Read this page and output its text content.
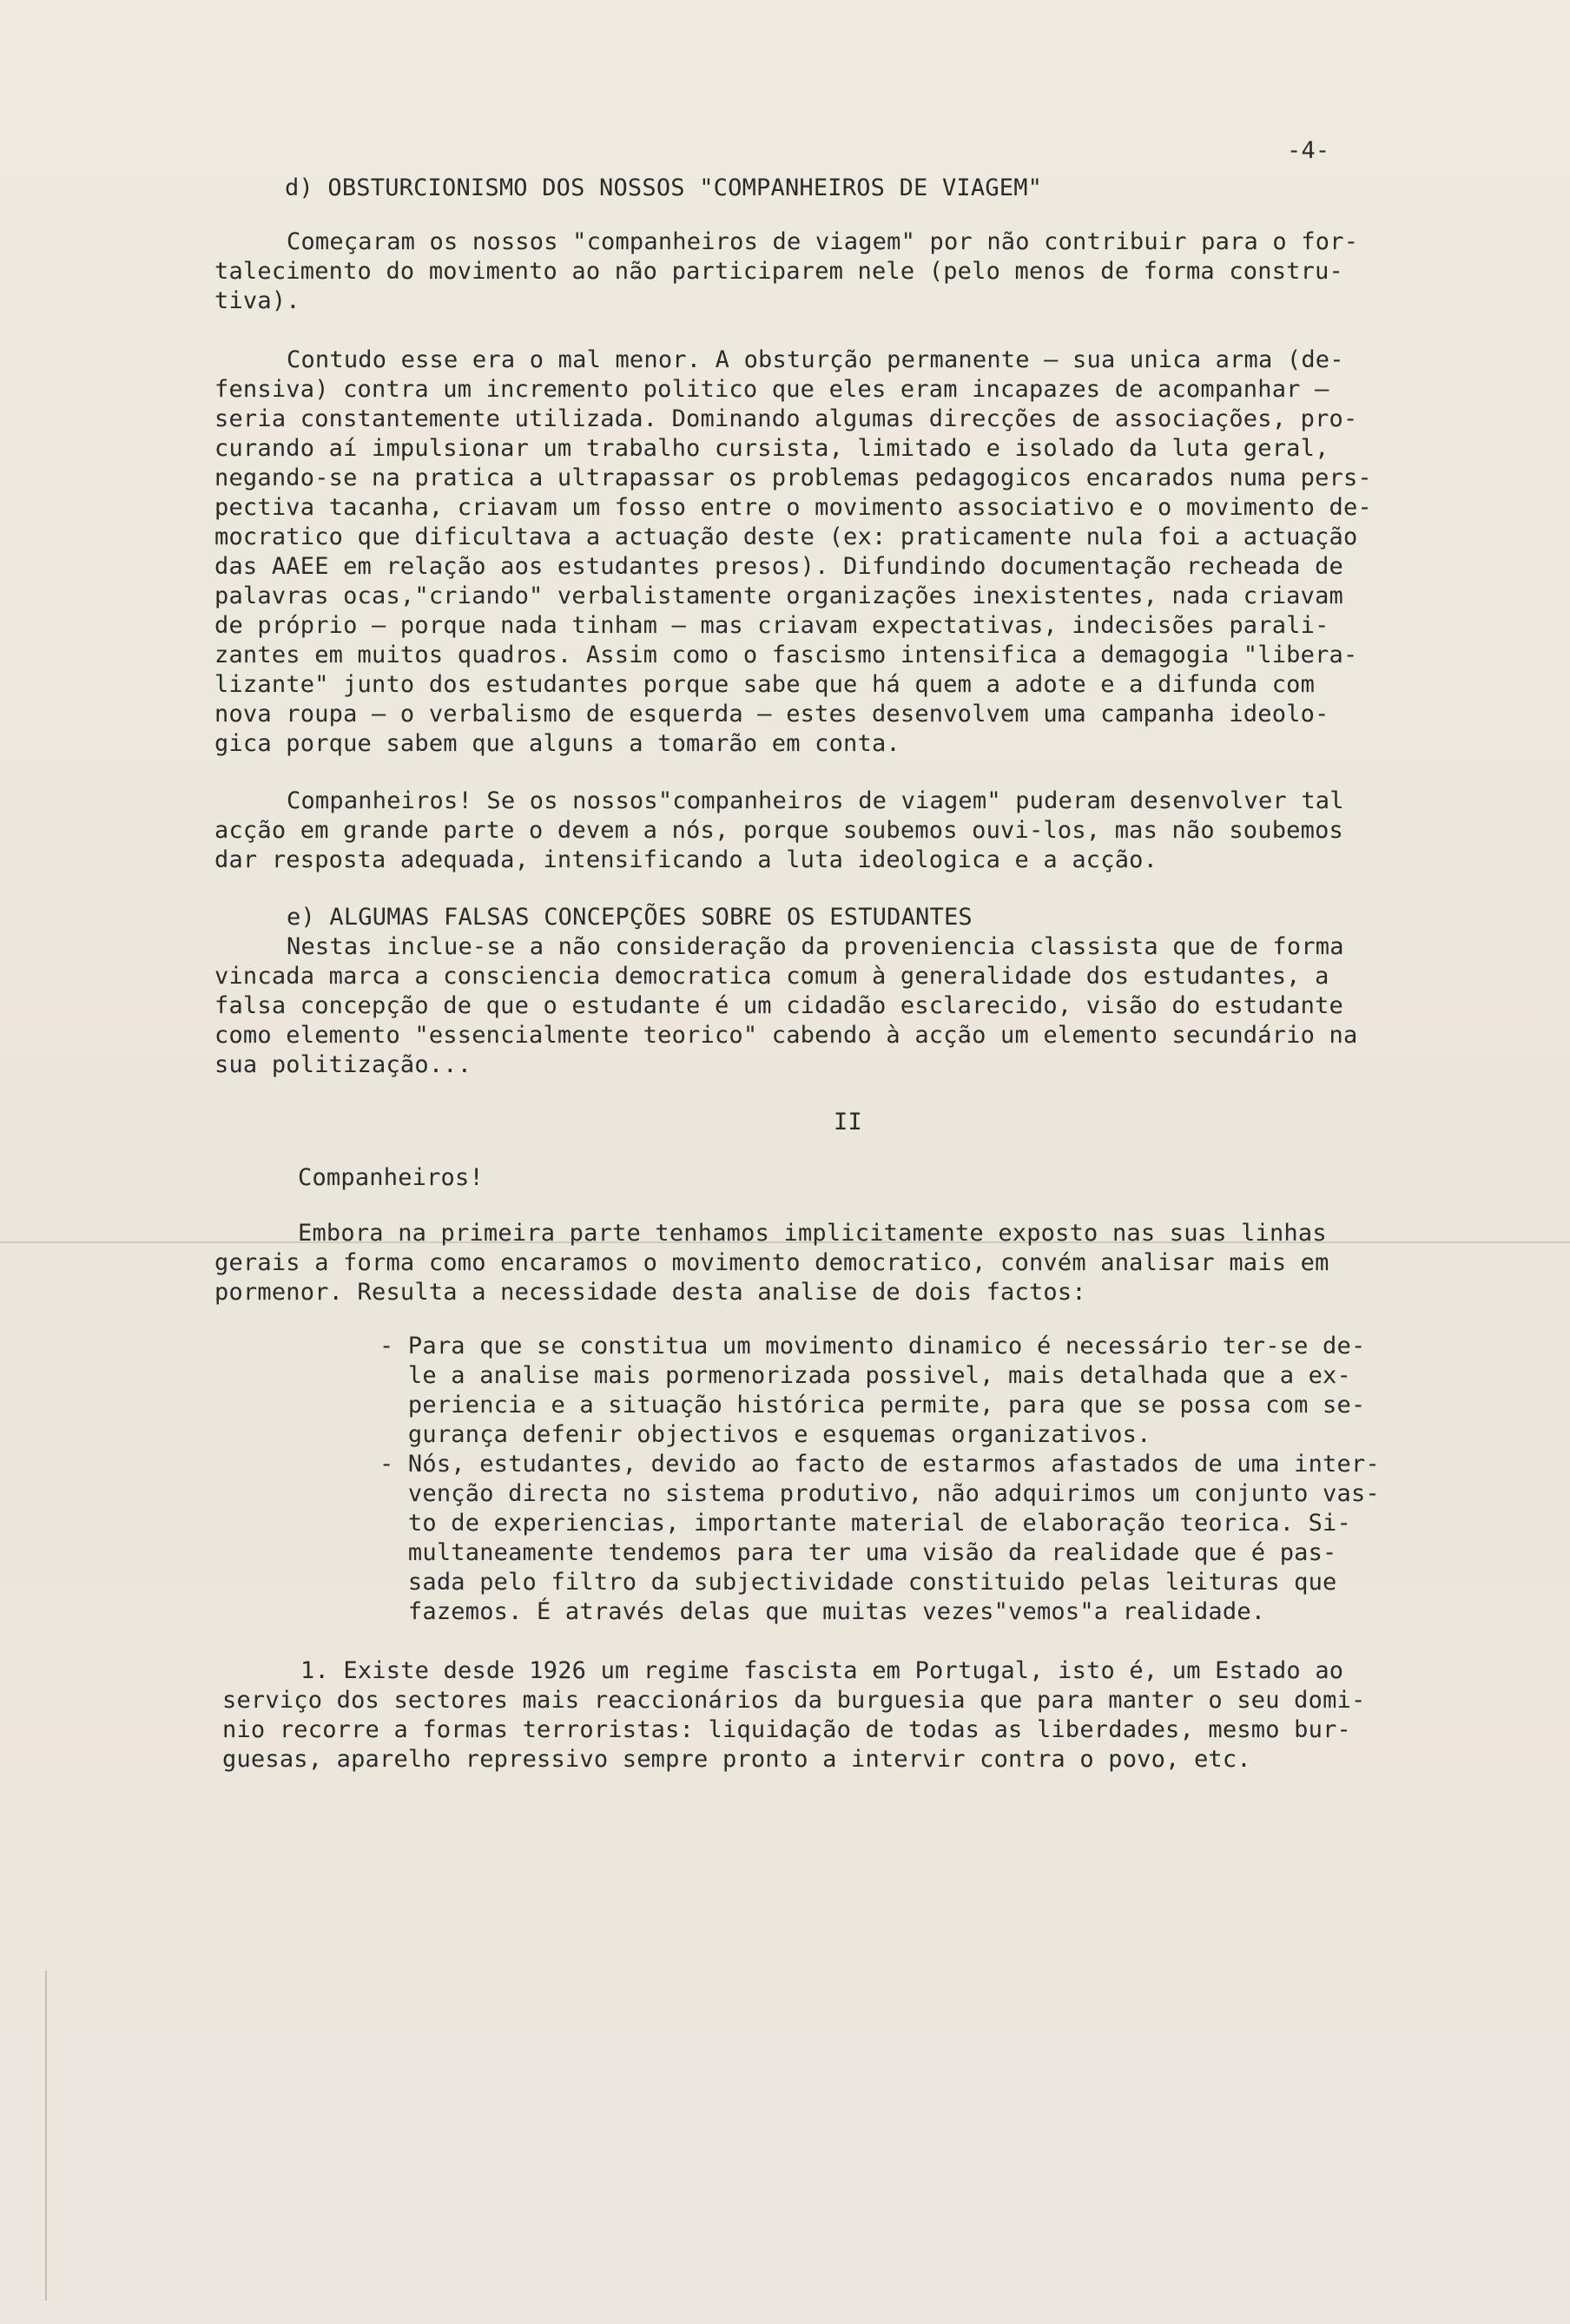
-4-
d) OBSTURCIONISMO DOS NOSSOS "COMPANHEIROS DE VIAGEM"
Começaram os nossos "companheiros de viagem" por não contribuir para o for-
talecimento do movimento ao não participarem nele (pelo menos de forma constru-
tiva).
Contudo esse era o mal menor. A obsturção permanente — sua unica arma (de-
fensiva) contra um incremento politico que eles eram incapazes de acompanhar —
seria constantemente utilizada. Dominando algumas direcções de associações, pro-
curando aí impulsionar um trabalho cursista, limitado e isolado da luta geral,
negando-se na pratica a ultrapassar os problemas pedagogicos encarados numa pers-
pectiva tacanha, criavam um fosso entre o movimento associativo e o movimento de-
mocratico que dificultava a actuação deste (ex: praticamente nula foi a actuação
das AAEE em relação aos estudantes presos). Difundindo documentação recheada de
palavras ocas,"criando" verbalistamente organizações inexistentes, nada criavam
de próprio — porque nada tinham — mas criavam expectativas, indecisões parali-
zantes em muitos quadros. Assim como o fascismo intensifica a demagogia "libera-
lizante" junto dos estudantes porque sabe que há quem a adote e a difunda com
nova roupa — o verbalismo de esquerda — estes desenvolvem uma campanha ideolo-
gica porque sabem que alguns a tomarão em conta.
Companheiros! Se os nossos"companheiros de viagem" puderam desenvolver tal
acção em grande parte o devem a nós, porque soubemos ouvi-los, mas não soubemos
dar resposta adequada, intensificando a luta ideologica e a acção.
e) ALGUMAS FALSAS CONCEPÇÕES SOBRE OS ESTUDANTES
Nestas inclue-se a não consideração da proveniencia classista que de forma
vincada marca a consciencia democratica comum à generalidade dos estudantes, a
falsa concepção de que o estudante é um cidadão esclarecido, visão do estudante
como elemento "essencialmente teorico" cabendo à acção um elemento secundário na
sua politização...
II
Companheiros!
Embora na primeira parte tenhamos implicitamente exposto nas suas linhas
gerais a forma como encaramos o movimento democratico, convém analisar mais em
pormenor. Resulta a necessidade desta analise de dois factos:
- Para que se constitua um movimento dinamico é necessário ter-se de-
le a analise mais pormenorizada possivel, mais detalhada que a ex-
periencia e a situação histórica permite, para que se possa com se-
gurança defenir objectivos e esquemas organizativos.
- Nós, estudantes, devido ao facto de estarmos afastados de uma inter-
venção directa no sistema produtivo, não adquirimos um conjunto vas-
to de experiencias, importante material de elaboração teorica. Si-
multaneamente tendemos para ter uma visão da realidade que é pas-
sada pelo filtro da subjectividade constituido pelas leituras que
fazemos. É através delas que muitas vezes"vemos"a realidade.
1. Existe desde 1926 um regime fascista em Portugal, isto é, um Estado ao
serviço dos sectores mais reaccionários da burguesia que para manter o seu domi-
nio recorre a formas terroristas: liquidação de todas as liberdades, mesmo bur-
guesas, aparelho repressivo sempre pronto a intervir contra o povo, etc.
